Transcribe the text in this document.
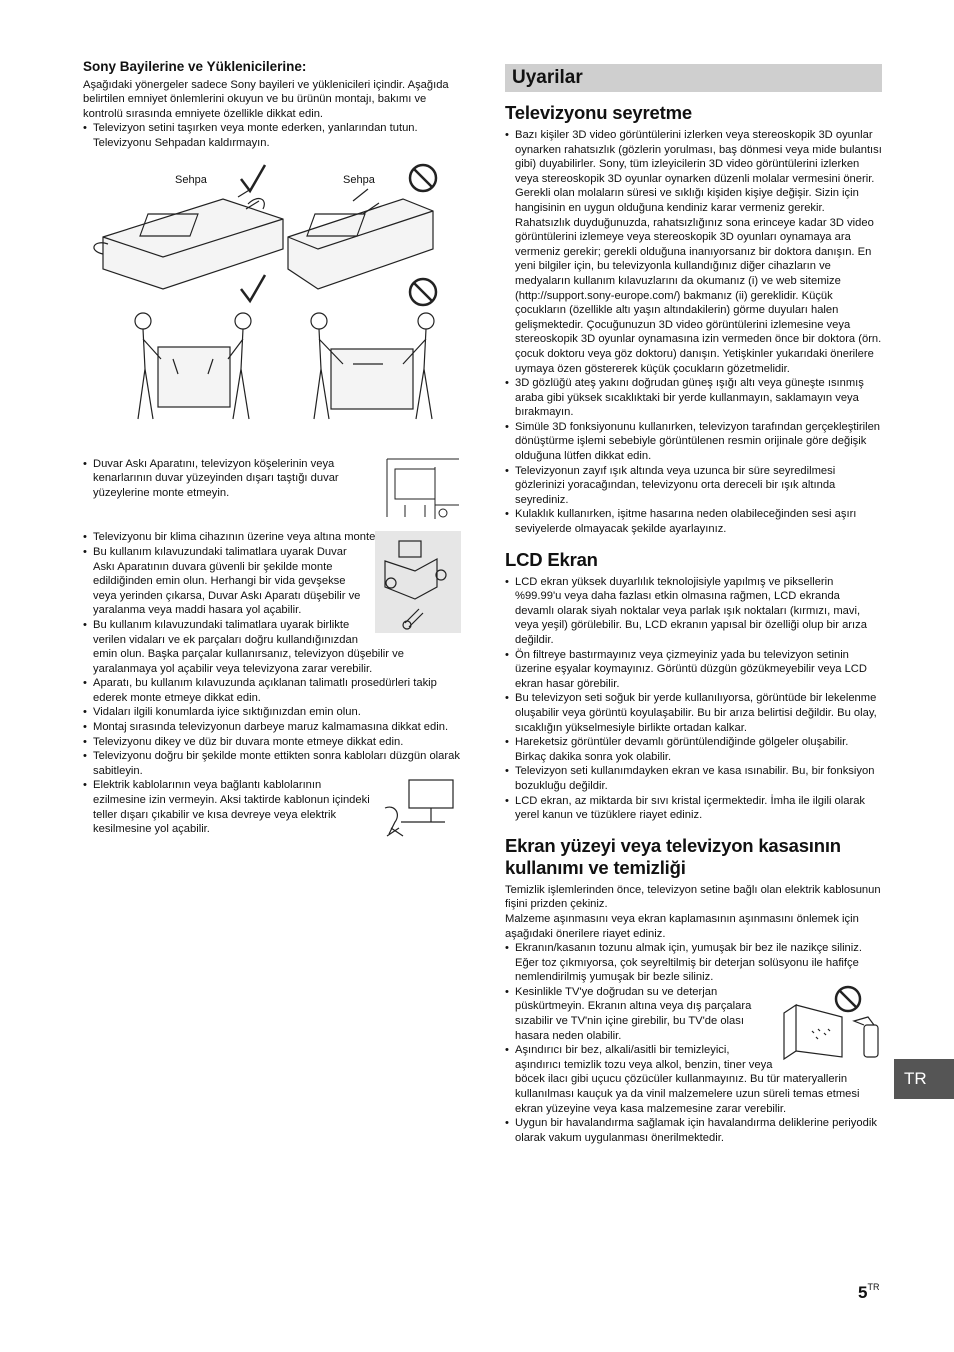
Sony Bayilerine ve Yüklenicilerine:

Aşağıdaki yönergeler sadece Sony bayileri ve yüklenicileri içindir. Aşağıda belirtilen emniyet önlemlerini okuyun ve bu ürünün montajı, bakımı ve kontrolü sırasında emniyete özellikle dikkat edin.

• Televizyon setini taşırken veya monte ederken, yanlarından tutun. Televizyonu Sehpadan kaldırmayın.
Sehpa	Sehpa
• Duvar Askı Aparatını, televizyon köşelerinin veya kenarlarının duvar yüzeyinden dışarı taştığı duvar yüzeylerine monte etmeyin.
• Televizyonu bir klima cihazının üzerine veya altına monte etmeyin.
• Bu kullanım kılavuzundaki talimatlara uyarak Duvar Askı Aparatının duvara güvenli bir şekilde monte edildiğinden emin olun. Herhangi bir vida gevşekse veya yerinden çıkarsa, Duvar Askı Aparatı düşebilir ve yaralanma veya maddi hasara yol açabilir.
• Bu kullanım kılavuzundaki talimatlara uyarak birlikte verilen vidaları ve ek parçaları doğru kullandığınızdan emin olun. Başka parçalar kullanırsanız, televizyon düşebilir ve yaralanmaya yol açabilir veya televizyona zarar verebilir.
• Aparatı, bu kullanım kılavuzunda açıklanan talimatlı prosedürleri takip ederek monte etmeye dikkat edin.
• Vidaları ilgili konumlarda iyice sıktığınızdan emin olun.
• Montaj sırasında televizyonun darbeye maruz kalmamasına dikkat edin.
• Televizyonu dikey ve düz bir duvara monte etmeye dikkat edin.
• Televizyonu doğru bir şekilde monte ettikten sonra kabloları düzgün olarak sabitleyin.
• Elektrik kablolarının veya bağlantı kablolarının ezilmesine izin vermeyin. Aksi taktirde kablonun içindeki teller dışarı çıkabilir ve kısa devreye veya elektrik kesilmesine yol açabilir.
Uyarilar
Televizyonu seyretme
• Bazı kişiler 3D video görüntülerini izlerken veya stereoskopik 3D oyunlar oynarken rahatsızlık (gözlerin yorulması, baş dönmesi veya mide bulantısı gibi) duyabilirler. Sony, tüm izleyicilerin 3D video görüntülerini izlerken veya stereoskopik 3D oyunlar oynarken düzenli molalar vermesini önerir. Gerekli olan molaların süresi ve sıklığı kişiden kişiye değişir. Sizin için hangisinin en uygun olduğuna kendiniz karar vermeniz gerekir. Rahatsızlık duyduğunuzda, rahatsızlığınız sona erinceye kadar 3D video görüntülerini izlemeye veya stereoskopik 3D oyunları oynamaya ara vermeniz gerekir; gerekli olduğuna inanıyorsanız bir doktora danışın. En yeni bilgiler için, bu televizyonla kullandığınız diğer cihazların ve medyaların kullanım kılavuzlarını da okumanız (i) ve web sitemize (http://support.sony-europe.com/) bakmanız (ii) gereklidir. Küçük çocukların (özellikle altı yaşın altındakilerin) görme duyuları halen gelişmektedir. Çocuğunuzun 3D video görüntülerini izlemesine veya stereoskopik 3D oyunlar oynamasına izin vermeden önce bir doktora (örn. çocuk doktoru veya göz doktoru) danışın. Yetişkinler yukarıdaki önerilere uymaya özen göstererek küçük çocukların gözetmelidir.
• 3D gözlüğü ateş yakını doğrudan güneş ışığı altı veya güneşte ısınmış araba gibi yüksek sıcaklıktaki bir yerde kullanmayın, saklamayın veya bırakmayın.
• Simüle 3D fonksiyonunu kullanırken, televizyon tarafından gerçekleştirilen dönüştürme işlemi sebebiyle görüntülenen resmin orijinale göre değişik olduğuna lütfen dikkat edin.
• Televizyonun zayıf ışık altında veya uzunca bir süre seyredilmesi gözlerinizi yoracağından, televizyonu orta dereceli bir ışık altında seyrediniz.
• Kulaklık kullanırken, işitme hasarına neden olabileceğinden sesi aşırı seviyelerde olmayacak şekilde ayarlayınız.
LCD Ekran
• LCD ekran yüksek duyarlılık teknolojisiyle yapılmış ve piksellerin %99.99'u veya daha fazlası etkin olmasına rağmen, LCD ekranda devamlı olarak siyah noktalar veya parlak ışık noktaları (kırmızı, mavi, veya yeşil) görülebilir. Bu, LCD ekranın yapısal bir özelliği olup bir arıza değildir.
• Ön filtreye bastırmayınız veya çizmeyiniz yada bu televizyon setinin üzerine eşyalar koymayınız. Görüntü düzgün gözükmeyebilir veya LCD ekran hasar görebilir.
• Bu televizyon seti soğuk bir yerde kullanılıyorsa, görüntüde bir lekelenme oluşabilir veya görüntü koyulaşabilir. Bu bir arıza belirtisi değildir. Bu olay, sıcaklığın yükselmesiyle birlikte ortadan kalkar.
• Hareketsiz görüntüler devamlı görüntülendiğinde gölgeler oluşabilir. Birkaç dakika sonra yok olabilir.
• Televizyon seti kullanımdayken ekran ve kasa ısınabilir. Bu, bir fonksiyon bozukluğu değildir.
• LCD ekran, az miktarda bir sıvı kristal içermektedir. İmha ile ilgili olarak yerel kanun ve tüzüklere riayet ediniz.
Ekran yüzeyi veya televizyon kasasının kullanımı ve temizliği

Temizlik işlemlerinden önce, televizyon setine bağlı olan elektrik kablosunun fişini prizden çekiniz.

Malzeme aşınmasını veya ekran kaplamasının aşınmasını önlemek için aşağıdaki önerilere riayet ediniz.

• Ekranın/kasanın tozunu almak için, yumuşak bir bez ile nazikçe siliniz. Eğer toz çıkmıyorsa, çok seyreltilmiş bir deterjan solüsyonu ile hafifçe nemlendirilmiş yumuşak bir bezle siliniz.
• Kesinlikle TV'ye doğrudan su ve deterjan püskürtmeyin. Ekranın altına veya dış parçalara sızabilir ve TV'nin içine girebilir, bu TV'de olası hasara neden olabilir.
• Aşındırıcı bir bez, alkali/asitli bir temizleyici, aşındırıcı temizlik tozu veya alkol, benzin, tiner veya böcek ilacı gibi uçucu çözücüler kullanmayınız. Bu tür materyallerin kullanılması kauçuk ya da vinil malzemelere uzun süreli temas etmesi ekran yüzeyine veya kasa malzemesine zarar verebilir.
• Uygun bir havalandırma sağlamak için havalandırma deliklerine periyodik olarak vakum uygulanması önerilmektedir.
TR
$5^{TR}$
